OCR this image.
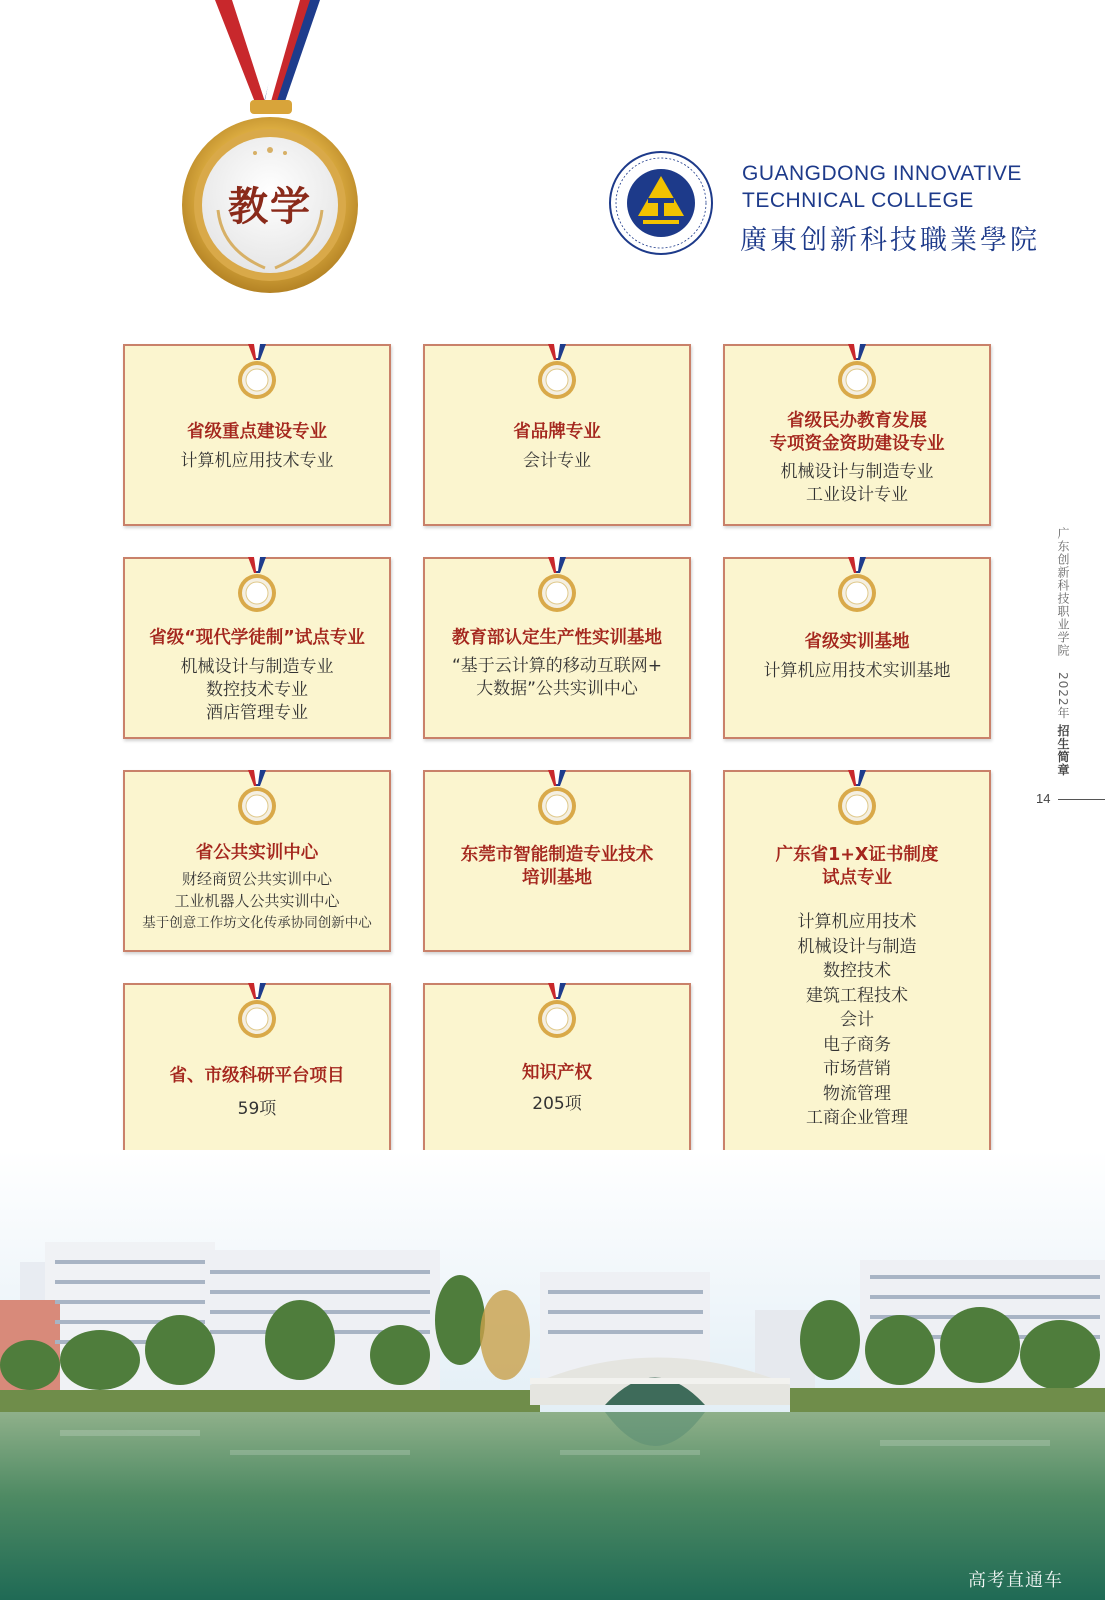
教学
GUANGDONG INNOVATIVE
TECHNICAL COLLEGE
廣東创新科技職業學院
广东创新科技职业学院 2022年 招生简章
14
省级重点建设专业
计算机应用技术专业
省品牌专业
会计专业
省级民办教育发展
专项资金资助建设专业
机械设计与制造专业
工业设计专业
省级“现代学徒制”试点专业
机械设计与制造专业
数控技术专业
酒店管理专业
教育部认定生产性实训基地
“基于云计算的移动互联网+
大数据”公共实训中心
省级实训基地
计算机应用技术实训基地
省公共实训中心
财经商贸公共实训中心
工业机器人公共实训中心
基于创意工作坊文化传承协同创新中心
东莞市智能制造专业技术
培训基地
广东省1+X证书制度
试点专业
计算机应用技术
机械设计与制造
数控技术
建筑工程技术
会计
电子商务
市场营销
物流管理
工商企业管理
省、市级科研平台项目
59项
知识产权
205项
高考直通车
